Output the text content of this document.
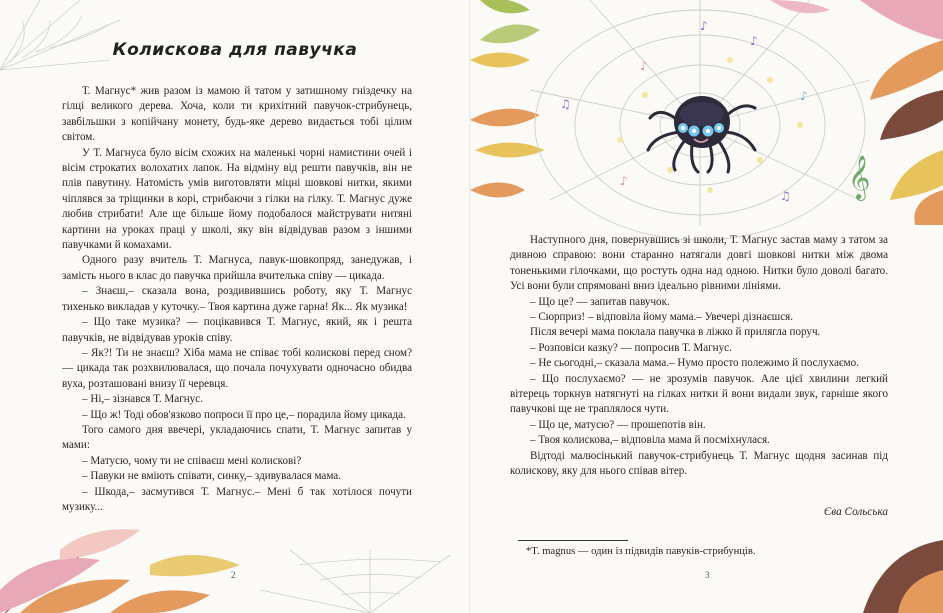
Колискова для павучка

Т. Магнус* жив разом із мамою й татом у затишному гніздечку на гілці великого дерева. Хоча, коли ти крихітний павучок-стрибунець, завбільшки з копійчану монету, будь-яке дерево видається тобі цілим світом.

У Т. Магнуса було вісім схожих на маленькі чорні намистини очей і вісім строкатих волохатих лапок. На відміну від решти павучків, він не плів павутину. Натомість умів виготовляти міцні шовкові нитки, якими чіплявся за тріщинки в корі, стрибаючи з гілки на гілку. Т. Магнус дуже любив стрибати! Але ще більше йому подобалося майструвати нитяні картини на уроках праці у школі, яку він відвідував разом з іншими павучками й комахами.

Одного разу вчитель Т. Магнуса, павук-шовкопряд, занедужав, і замість нього в клас до павучка прийшла вчителька співу — цикада.

– Знаєш,– сказала вона, роздивившись роботу, яку Т. Магнус тихенько викладав у куточку.– Твоя картина дуже гарна! Як... Як музика!

– Що таке музика? — поцікавився Т. Магнус, який, як і решта павучків, не відвідував уроків співу.

– Як?! Ти не знаєш? Хіба мама не співає тобі колискові перед сном? — цикада так розхвилювалася, що почала почухувати одночасно обидва вуха, розташовані внизу її черевця.

– Ні,– зізнався Т. Магнус.

– Що ж! Тоді обов'язково попроси її про це,– порадила йому цикада.

Того самого дня ввечері, укладаючись спати, Т. Магнус запитав у мами:

– Матусю, чому ти не співаєш мені колискові?

– Павуки не вміють співати, синку,– здивувалася мама.

– Шкода,– засмутився Т. Магнус.– Мені б так хотілося почути музику...

2
♪
♫
♪
♪
♪
♫
♪	𝄞

Наступного дня, повернувшись зі школи, Т. Магнус застав маму з татом за дивною справою: вони старанно натягали довгі шовкові нитки між двома тоненькими гілочками, що ростуть одна над одною. Нитки було доволі багато. Усі вони були спрямовані вниз ідеально рівними лініями.

– Що це? — запитав павучок.

– Сюрприз! – відповіла йому мама.– Увечері дізнаєшся.

Після вечері мама поклала павучка в ліжко й прилягла поруч.

– Розповіси казку? — попросив Т. Магнус.

– Не сьогодні,– сказала мама.– Нумо просто полежимо й послухаємо.

– Що послухаємо? — не зрозумів павучок. Але цієї хвилини легкий вітерець торкнув натягнуті на гілках нитки й вони видали звук, гарніше якого павучкові ще не траплялося чути.

– Що це, матусю? — прошепотів він.

– Твоя колискова,– відповіла мама й посміхнулася.

Відтоді малюсінький павучок-стрибунець Т. Магнус щодня засинав під колискову, яку для нього співав вітер.

Єва Сольська
*T. magnus — один із підвидів павуків-стрибунців.
3
